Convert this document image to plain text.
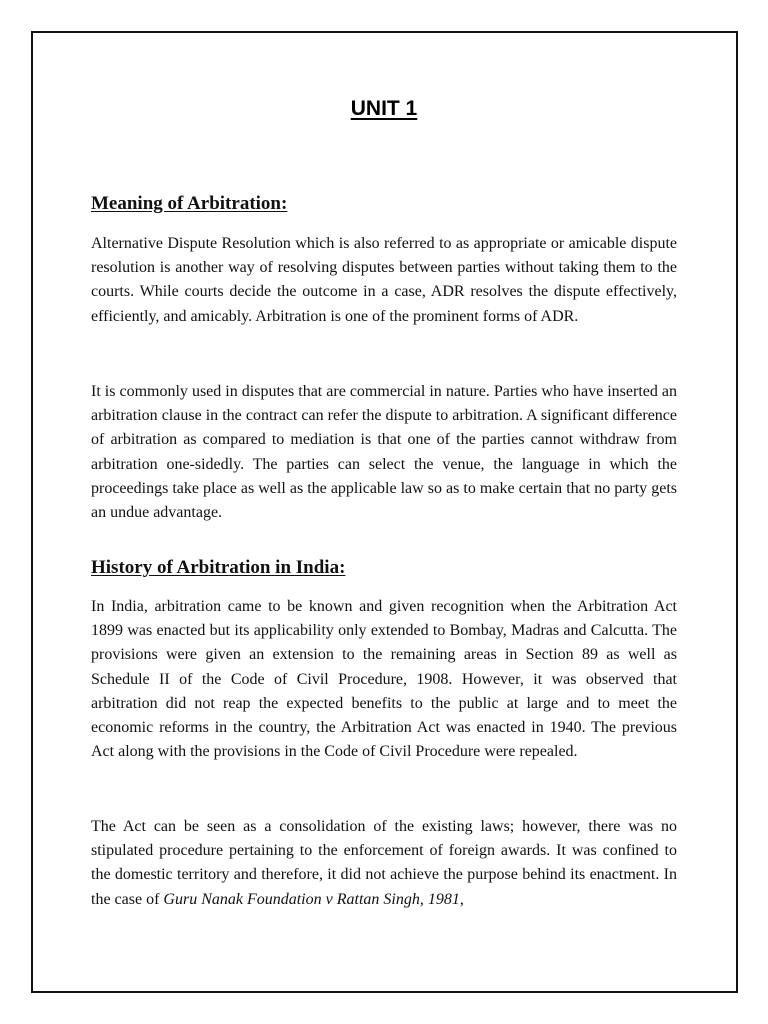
UNIT 1
Meaning of Arbitration:

Alternative Dispute Resolution which is also referred to as appropriate or amicable dispute resolution is another way of resolving disputes between parties without taking them to the courts. While courts decide the outcome in a case, ADR resolves the dispute effectively, efficiently, and amicably. Arbitration is one of the prominent forms of ADR.

It is commonly used in disputes that are commercial in nature. Parties who have inserted an arbitration clause in the contract can refer the dispute to arbitration. A significant difference of arbitration as compared to mediation is that one of the parties cannot withdraw from arbitration one-sidedly. The parties can select the venue, the language in which the proceedings take place as well as the applicable law so as to make certain that no party gets an undue advantage.

History of Arbitration in India:

In India, arbitration came to be known and given recognition when the Arbitration Act 1899 was enacted but its applicability only extended to Bombay, Madras and Calcutta. The provisions were given an extension to the remaining areas in Section 89 as well as Schedule II of the Code of Civil Procedure, 1908. However, it was observed that arbitration did not reap the expected benefits to the public at large and to meet the economic reforms in the country, the Arbitration Act was enacted in 1940. The previous Act along with the provisions in the Code of Civil Procedure were repealed.

The Act can be seen as a consolidation of the existing laws; however, there was no stipulated procedure pertaining to the enforcement of foreign awards. It was confined to the domestic territory and therefore, it did not achieve the purpose behind its enactment. In the case of Guru Nanak Foundation v Rattan Singh, 1981,
